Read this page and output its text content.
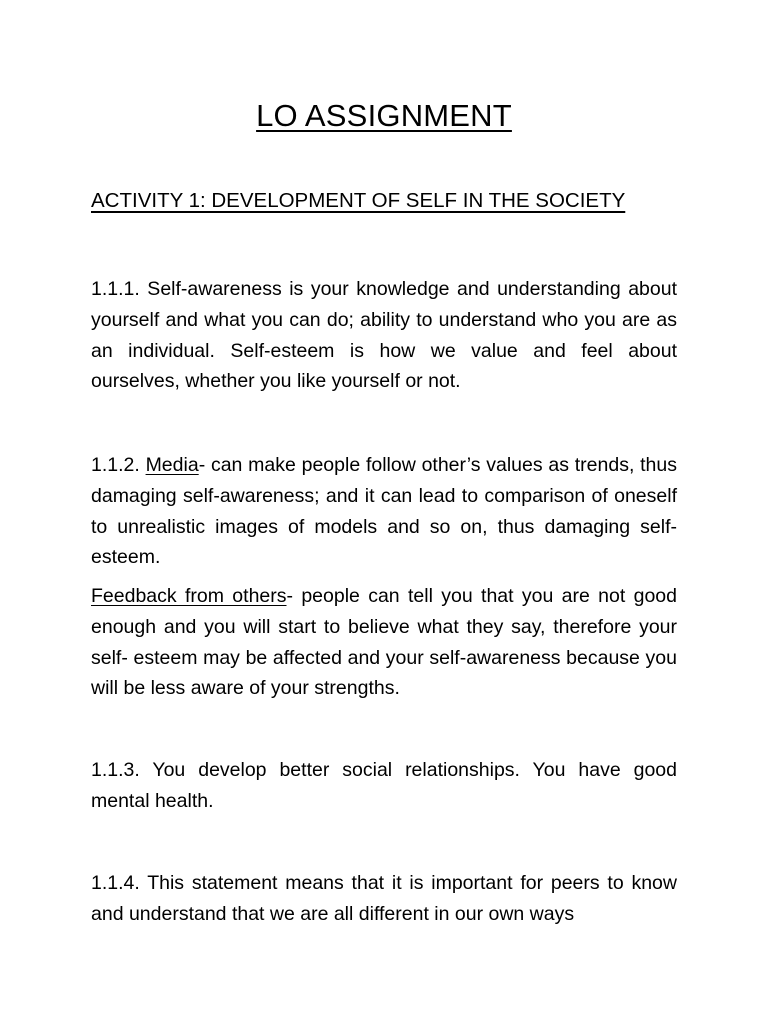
LO ASSIGNMENT
ACTIVITY 1: DEVELOPMENT OF SELF IN THE SOCIETY

1.1.1. Self-awareness is your knowledge and understanding about yourself and what you can do; ability to understand who you are as an individual. Self-esteem is how we value and feel about ourselves, whether you like yourself or not.

1.1.2. Media- can make people follow other’s values as trends, thus damaging self-awareness; and it can lead to comparison of oneself to unrealistic images of models and so on, thus damaging self-esteem.

Feedback from others- people can tell you that you are not good enough and you will start to believe what they say, therefore your self- esteem may be affected and your self-awareness because you will be less aware of your strengths.

1.1.3. You develop better social relationships. You have good mental health.

1.1.4. This statement means that it is important for peers to know and understand that we are all different in our own ways
